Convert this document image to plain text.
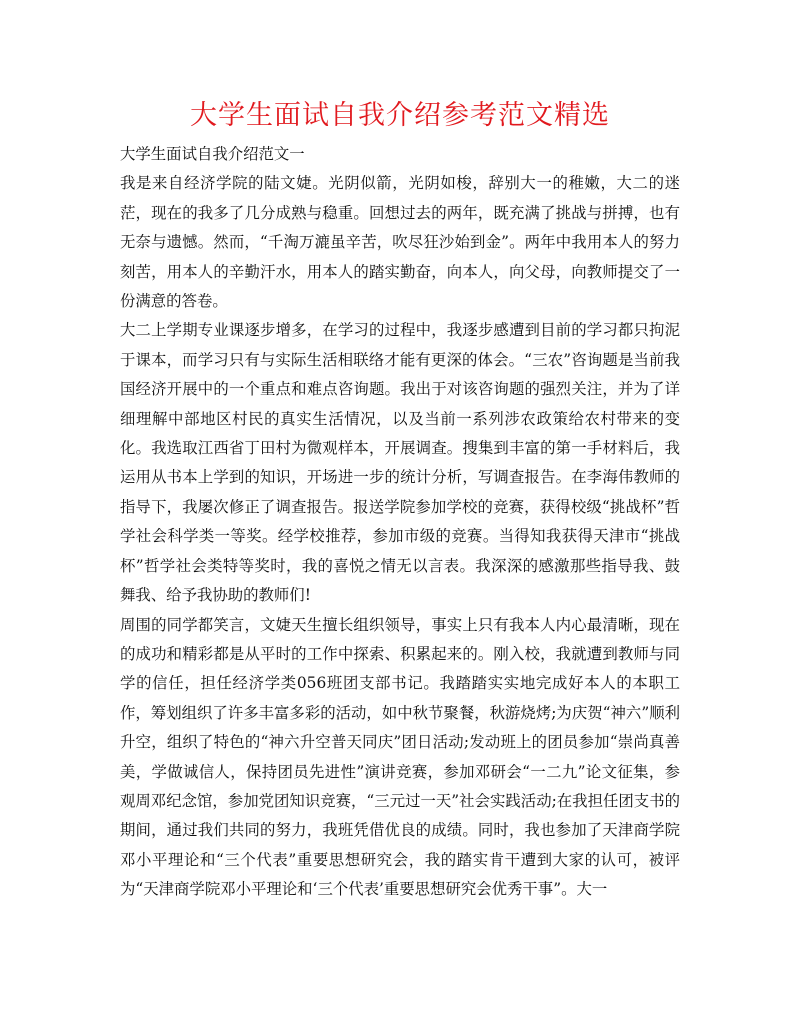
大学生面试自我介绍参考范文精选

大学生面试自我介绍范文一

我是来自经济学院的陆文婕。光阴似箭，光阴如梭，辞别大一的稚嫩，大二的迷茫，现在的我多了几分成熟与稳重。回想过去的两年，既充满了挑战与拼搏，也有无奈与遗憾。然而，“千淘万漉虽辛苦，吹尽狂沙始到金”。两年中我用本人的努力刻苦，用本人的辛勤汗水，用本人的踏实勤奋，向本人，向父母，向教师提交了一份满意的答卷。

大二上学期专业课逐步增多，在学习的过程中，我逐步感遭到目前的学习都只拘泥于课本，而学习只有与实际生活相联络才能有更深的体会。“三农”咨询题是当前我国经济开展中的一个重点和难点咨询题。我出于对该咨询题的强烈关注，并为了详细理解中部地区村民的真实生活情况，以及当前一系列涉农政策给农村带来的变化。我选取江西省丁田村为微观样本，开展调查。搜集到丰富的第一手材料后，我运用从书本上学到的知识，开场进一步的统计分析，写调查报告。在李海伟教师的指导下，我屡次修正了调查报告。报送学院参加学校的竞赛，获得校级“挑战杯”哲学社会科学类一等奖。经学校推荐，参加市级的竞赛。当得知我获得天津市“挑战杯”哲学社会类特等奖时，我的喜悦之情无以言表。我深深的感激那些指导我、鼓舞我、给予我协助的教师们!

周围的同学都笑言，文婕天生擅长组织领导，事实上只有我本人内心最清晰，现在的成功和精彩都是从平时的工作中探索、积累起来的。刚入校，我就遭到教师与同学的信任，担任经济学类056班团支部书记。我踏踏实实地完成好本人的本职工作，筹划组织了许多丰富多彩的活动，如中秋节聚餐，秋游烧烤;为庆贺“神六”顺利升空，组织了特色的“神六升空普天同庆”团日活动;发动班上的团员参加“崇尚真善美，学做诚信人，保持团员先进性”演讲竞赛，参加邓研会“一二九”论文征集，参观周邓纪念馆，参加党团知识竞赛，“三元过一天”社会实践活动;在我担任团支书的期间，通过我们共同的努力，我班凭借优良的成绩。同时，我也参加了天津商学院邓小平理论和“三个代表”重要思想研究会，我的踏实肯干遭到大家的认可，被评为“天津商学院邓小平理论和‘三个代表’重要思想研究会优秀干事”。大一
